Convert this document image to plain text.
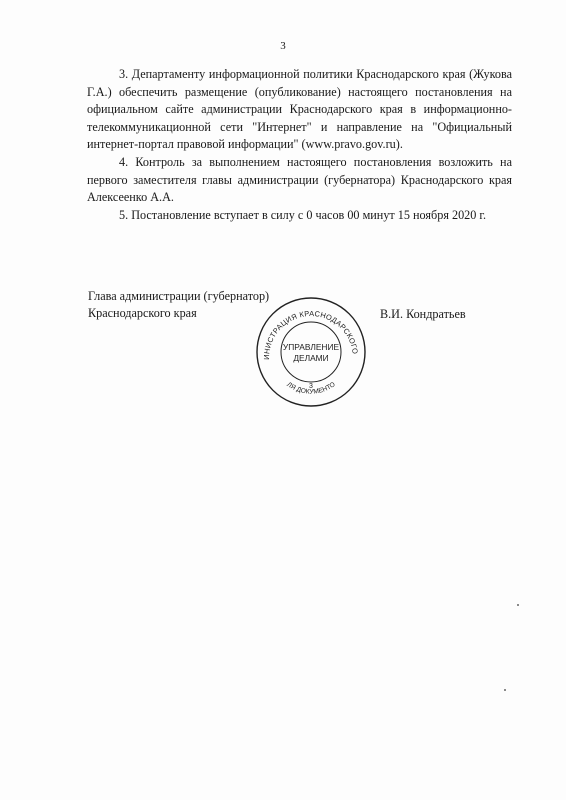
3

3. Департаменту информационной политики Краснодарского края (Жукова Г.А.) обеспечить размещение (опубликование) настоящего постановления на официальном сайте администрации Краснодарского края в информационно-телекоммуникационной сети "Интернет" и направление на "Официальный интернет-портал правовой информации" (www.pravo.gov.ru).

4. Контроль за выполнением настоящего постановления возложить на первого заместителя главы администрации (губернатора) Краснодарского края Алексеенко А.А.

5. Постановление вступает в силу с 0 часов 00 минут 15 ноября 2020 г.

Глава администрации (губернатор)
Краснодарского края
ИНИСТРАЦИЯ КРАСНОДАРСКОГО
ЛЯ ДОКУМЕНТО
УПРАВЛЕНИЕ
ДЕЛАМИ
3
В.И. Кондратьев
